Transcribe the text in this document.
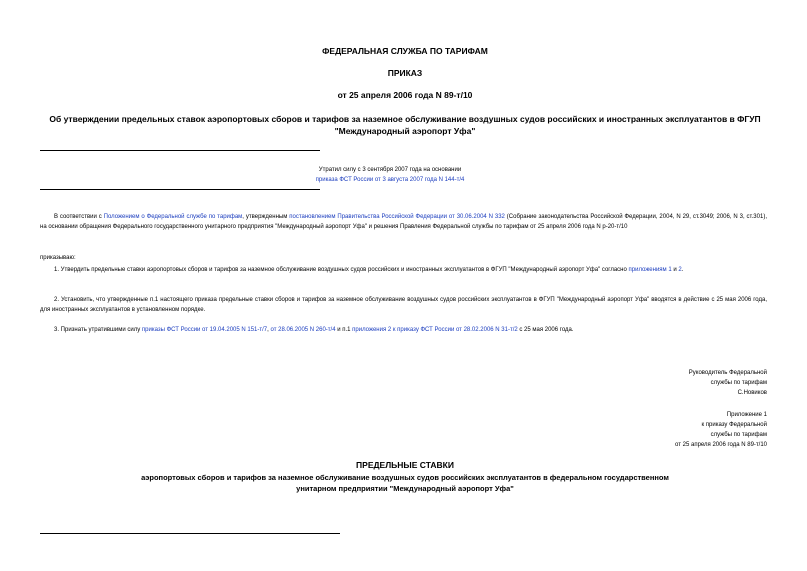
ФЕДЕРАЛЬНАЯ СЛУЖБА ПО ТАРИФАМ
ПРИКАЗ
от 25 апреля 2006 года N 89-т/10
Об утверждении предельных ставок аэропортовых сборов и тарифов за наземное обслуживание воздушных судов российских и иностранных эксплуатантов в ФГУП "Международный аэропорт Уфа"
Утратил силу с 3 сентября 2007 года на основании
приказа ФСТ России от 3 августа 2007 года N 144-т/4
В соответствии с Положением о Федеральной службе по тарифам, утвержденным постановлением Правительства Российской Федерации от 30.06.2004 N 332 (Собрание законодательства Российской Федерации, 2004, N 29, ст.3049; 2006, N 3, ст.301), на основании обращения Федерального государственного унитарного предприятия "Международный аэропорт Уфа" и решения Правления Федеральной службы по тарифам от 25 апреля 2006 года N р-20-т/10
приказываю:
1. Утвердить предельные ставки аэропортовых сборов и тарифов за наземное обслуживание воздушных судов российских и иностранных эксплуатантов в ФГУП "Международный аэропорт Уфа" согласно приложениям 1 и 2.
2. Установить, что утвержденные п.1 настоящего приказа предельные ставки сборов и тарифов за наземное обслуживание воздушных судов российских эксплуатантов в ФГУП "Международный аэропорт Уфа" вводятся в действие с 25 мая 2006 года, для иностранных эксплуатантов в установленном порядке.
3. Признать утратившими силу приказы ФСТ России от 19.04.2005 N 151-т/7, от 28.06.2005 N 260-т/4 и п.1 приложения 2 к приказу ФСТ России от 28.02.2006 N 31-т/2 с 25 мая 2006 года.
Руководитель Федеральной
службы по тарифам
С.Новиков
Приложение 1
к приказу Федеральной
службы по тарифам
от 25 апреля 2006 года N 89-т/10
ПРЕДЕЛЬНЫЕ СТАВКИ
аэропортовых сборов и тарифов за наземное обслуживание воздушных судов российских эксплуатантов в федеральном государственном унитарном предприятии "Международный аэропорт Уфа"
